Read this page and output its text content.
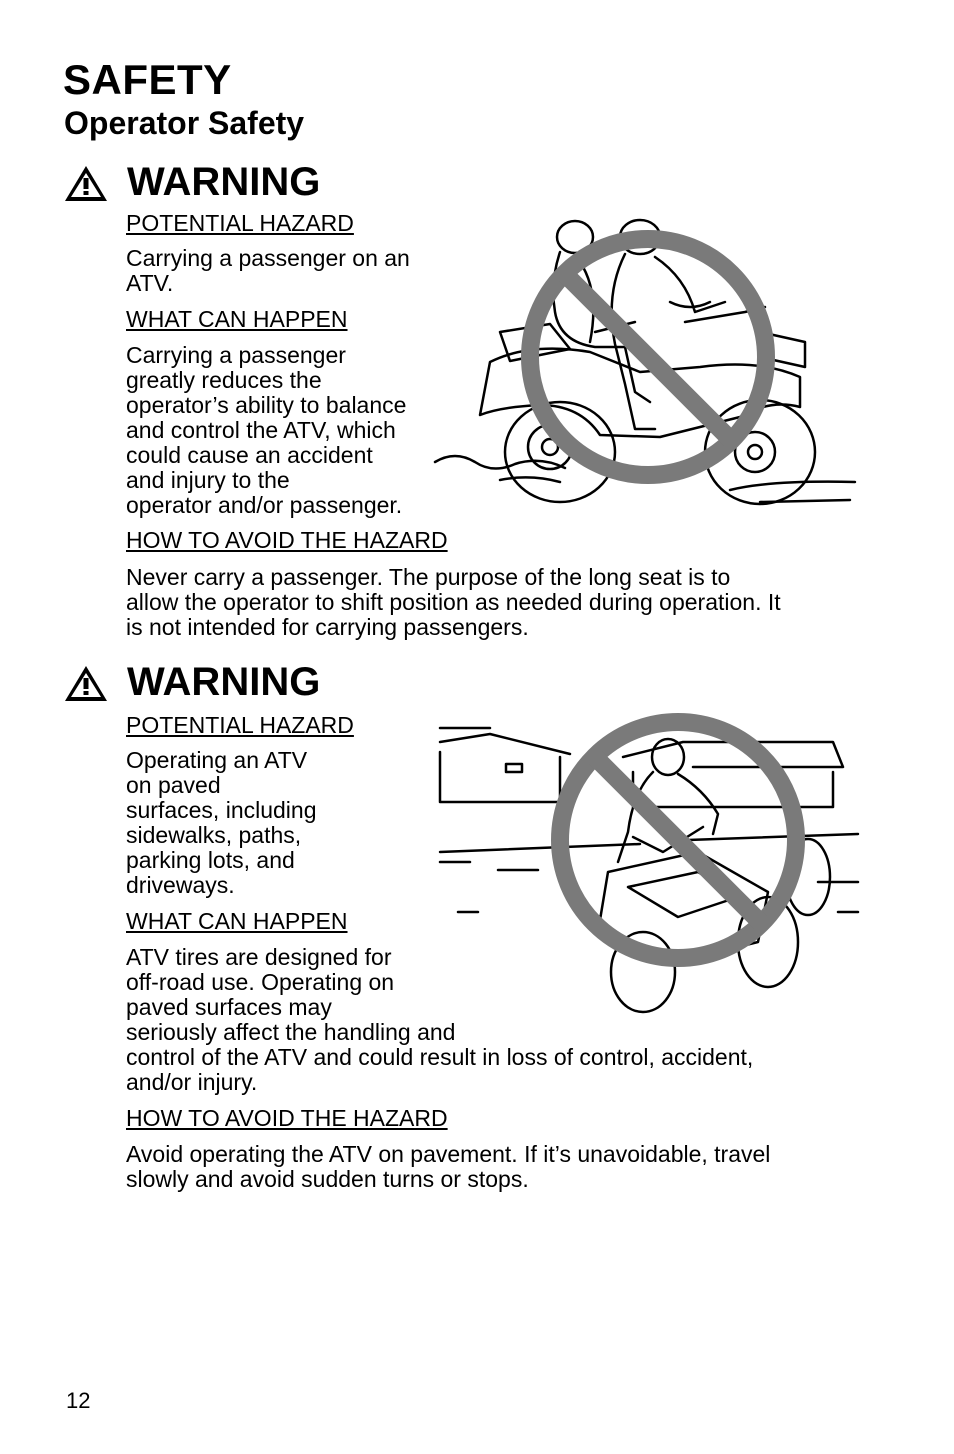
SAFETY
Operator Safety
WARNING
POTENTIAL HAZARD
Carrying a passenger on an
ATV.
WHAT CAN HAPPEN
Carrying a passenger
greatly reduces the
operator’s ability to balance
and control the ATV, which
could cause an accident
and injury to the
operator and/or passenger.
HOW TO AVOID THE HAZARD
Never carry a passenger. The purpose of the long seat is to
allow the operator to shift position as needed during operation. It
is not intended for carrying passengers.
WARNING
POTENTIAL HAZARD
Operating an ATV
on paved
surfaces, including
sidewalks, paths,
parking lots, and
driveways.
WHAT CAN HAPPEN
ATV tires are designed for
off-road use. Operating on
paved surfaces may
seriously affect the handling and
control of the ATV and could result in loss of control, accident,
and/or injury.
HOW TO AVOID THE HAZARD
Avoid operating the ATV on pavement. If it’s unavoidable, travel
slowly and avoid sudden turns or stops.
12
